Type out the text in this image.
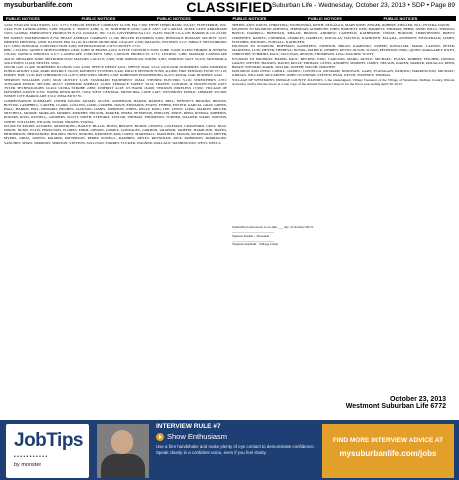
mysuburbanlife.com	CLASSIFIED Suburban Life - Wednesday, October 23, 2013 • SDP • Page 89
PUBLIC NOTICES	PUBLIC NOTICES	PUBLIC NOTICES	PUBLIC NOTICES	PUBLIC NOTICES	PUBLIC NOTICES

3,226; EXACOD SOLUTIONS, LLC 3,771; EXELON ENERGY COMPANY 61,538; FIA 7,309; FIFTH THIRD BANK 555,347; FLEETPRIDE, INC. 2,444; FOX LANDSCAPING 5,180; FRANK C. TROUT 2,689; G. M. NORTHRUP 2,629; GALE 2,827; GE CAPITAL 20,264; GLEN ABRAHAMS 5,953; GLOBAL EMERGENCY PRODUCTS 8,174; GOOGLE, INC 7,415; GOVTEMPSUSA LLC 15,435; HACH CO 4,128; HARRIS & CO 23,196; HD SUPPLY WATERWORKS 8,754; HEALY ASPHALT COMPANY 11,149; HELLER PLUMBING 6,902; HINSDALE HUMANE SOCIETY 3,015; IMPRESS PRINTING 2,668; ILLINOIS EPA 34,116; ILLINOIS MUNICIPAL LEAGUE 2,500; IMAGING SYSTEMS 3,117; IMPACT NETWORKING LLC 5,804; INTEGRAL CONSTRUCTION 3,262; INTERNATIONAL CITY/COUNTY 2,715.

IPBC 1,103,659; JANNEY MONTGOMERY 2,846; JOHN M BURNS 4,019; K-FIVE CONSTRUCTION CORP 15,928; KLEIN THORPE & JENKINS 133,442; KONICA MINOLTA 6,117; LANDSCAPE CONCEPTS 5,882; LAWSON PRODUCTS 4,771; LEXIPOL 3,480; MARIANI LANDSCAPE 29,610; MENARDS 8,066; METROPOLITAN MAYORS CAUCUS 2,500; MID AMERICAN WATER 4,381; MORTON SALT 52,219; MOTOROLA SOLUTIONS 12,618; NEXTEL 3,095.

NICOR GAS 21,448; NORTHERN ILLINOIS GAS 4,930; OFFICE DEPOT 6,021; OFFICE MAX 3,514; OUTLOOK NURSERIES 3,904; PADDOCK PUBLICATIONS 2,642; PARK DISTRICT 18,250; PAYMENT SYSTEMS 6,440; POLICE PENSION FUND 412,880; FIRE PENSION FUND 377,119; POMP'S TIRE 3,118; RAY O'HERRON CO 11,873; RED WING SHOES 2,520; ROBINSON ENGINEERING 41,225; ROYAL OAK NURSERY 4,442.

SHERWIN WILLIAMS 2,935; SIGN OUTLET 3,128; STANDARD EQUIPMENT 19,844; STEINER ELECTRIC 5,116; STREICHER'S 2,701; SUNGARD PUBLIC SECTOR 48,317; SUPERIOR ASPHALT 12,005; TERRACE SUPPLY 3,614; TRAFFIC CONTROL & PROTECTION 9,267; TYLER TECHNOLOGIES 10,224; ULTRA STROBE 2,880; UNIFIRST 4,118; US BANK 16,406; VERIZON WIRELESS 17,982; VILLAGE OF DOWNERS GROVE 6,331; WATER RESOURCES 7,004; WEST CENTRAL MUNICIPAL CONF 2,947; WESTMONT PUBLIC LIBRARY 251,006; WINDY CITY BARRICADE 3,512; ZIEGLER 8,776.

COMPENSATION SUMMARY: UNDER $25,000: ADAMS, ALLEN, ANDERSON, BAKER, BARNES, BELL, BENNETT, BROOKS, BROWN, BUTLER, CAMPBELL, CARTER, CLARK, COLLINS, COOK, COOPER, DAVIS, EDWARDS, EVANS, FISHER, FOSTER, GARCIA, GRAY, GREEN, HALL, HARRIS, HILL, HOWARD, HUGHES, JACKSON, JAMES, JOHNSON, JONES, KELLY, KING, LEE, LEWIS, LONG, MARTIN, MILLER, MITCHELL, MOORE, MORGAN, MORRIS, MURPHY, NELSON, PARKER, PEREZ, PETERSON, PHILLIPS, PRICE, REED, RIVERA, ROBERTS, ROGERS, ROSS, RUSSELL, SANDERS, SCOTT, SMITH, STEWART, TAYLOR, THOMAS, THOMPSON, TURNER, WALKER, WARD, WATSON, WHITE, WILLIAMS, WILSON, WOOD, WRIGHT, YOUNG.

$25,000 TO $49,999: ALVAREZ, ARMSTRONG, BAILEY, BLACK, BOYD, BRYANT, BURNS, CHAVEZ, COLEMAN, CRAWFORD, CRUZ, DIAZ, DIXON, DUNN, ELLIS, FERGUSON, FLORES, FORD, GIBSON, GOMEZ, GONZALEZ, GORDON, GRAHAM, GRIFFIN, HAMILTON, HAYES, HENDERSON, HERNANDEZ, HOLMES, HUNT, JENKINS, KENNEDY, KIM, LOPEZ, MARSHALL, MARTINEZ, MASON, MCDONALD, MEYER, MYERS, ORTIZ, OWENS, PALMER, PATTERSON, PERRY, POWELL, RAMIREZ, REYES, REYNOLDS, RICE, ROBINSON, RODRIGUEZ, SANCHEZ, SHAW, SIMMONS, SIMPSON, STEVENS, SULLIVAN, TORRES, TUCKER, WAGNER, WALLACE, WASHINGTON, WEST, WELLS.

SHERYL ANN; WATTS, CHRISTINA; WOJNOWSKI, KEITH; ZEIGAGLO, MARY ROSE; ZINGER, ROBERT; ZIEGLER, JILL; ZYSTRA, DAVID.

$25,000.00 TO $49,999.99: ADESINA, JEREMIAH; ALBRECHT, JOHN; BARNETT, KEN; BARRETT, THOMAS; BEHM, ANNE; BILLS, THOMAS; BOYCE, DARRELL; BRENNAN, MEGAN; BROWN, ANDREW; CANFIELD, KATHERINE; CHASE, BURTON; CHRISTENSEN, BRETT; CHOFFNEY, DANIEL; CORDERO, CHARLES; DAHELLE, DOUGLAS; DATTILO, KATHLEEN; FALADA, ANTHONY; FITZGERALD, JAMES; FLEISHER, MICHAEL; FURSALL, KATHLEEN.

$50,000.00 TO $74,999.99: HOFFMAN, KATHLEEN; JOHNSON, BRIAN; KAMINSKI, JOSEPH; KOWALSKI, MARK; LARSON, PETER; MARTINEZ, LUIS; MEYER, THERESA; NOVAK, PATRICK; O'BRIEN, KEVIN; OLSON, SUSAN; PETERSON, ERIC; QUINN, MARGARET; RILEY, CHRISTINE; SCHMIDT, PAUL; SULLIVAN, DENNIS; THOMPSON, LISA; WAGNER, SCOTT.

$75,000.00 TO $99,999.99: BAKER, PAUL; BECKER, ERIC; CARLSON, MARK; DOYLE, MICHAEL; EVANS, ROBERT; FISCHER, DONNA; GRANT, STEVEN; HANSEN, DAVID; KELLY, THOMAS; LEWIS, ANDREW; MURPHY, JAMES; NELSON, KAREN; PARKER, DOUGLAS; REED, BRIAN; STEWART, MARK; TAYLOR, JOSEPH; WALSH, TIMOTHY.

$100,000.00 AND OVER: CAHILL, DANIEL; COSTELLO, RICHARD; DONOVAN, GARY; FLANAGAN, PATRICK; HARRINGTON, MICHAEL; JORDAN, WILLIAM; MCCARTHY, JOHN; O'CONNOR, STEVEN; RYAN, KEVIN; SWEENEY, THOMAS.

VILLAGE OF WESTMONT, DUPAGE COUNTY, ILLINOIS. I, the undersigned, Village Treasurer of the Village of Westmont, DuPage County, Illinois, do hereby certify that the above is a true copy of the Annual Treasurer's Report for the fiscal year ending April 30, 2013.

Subscribed and sworn to on this ___ day of October 2013.
________________________
Spencer Parker - Treasurer
________________________
Virginia Szymski - Village Clerk
October 23, 2013
Westmont Suburban Life 6772
JobTips
• • • • • • • • • • •
by monster
INTERVIEW RULE #7
Show Enthusiasm
Use a firm handshake and make plenty of eye contact to demonstrate confidence. Speak clearly in a confident voice, even if you feel shaky.
FIND MORE INTERVIEW ADVICE AT
mysuburbanlife.com/jobs
